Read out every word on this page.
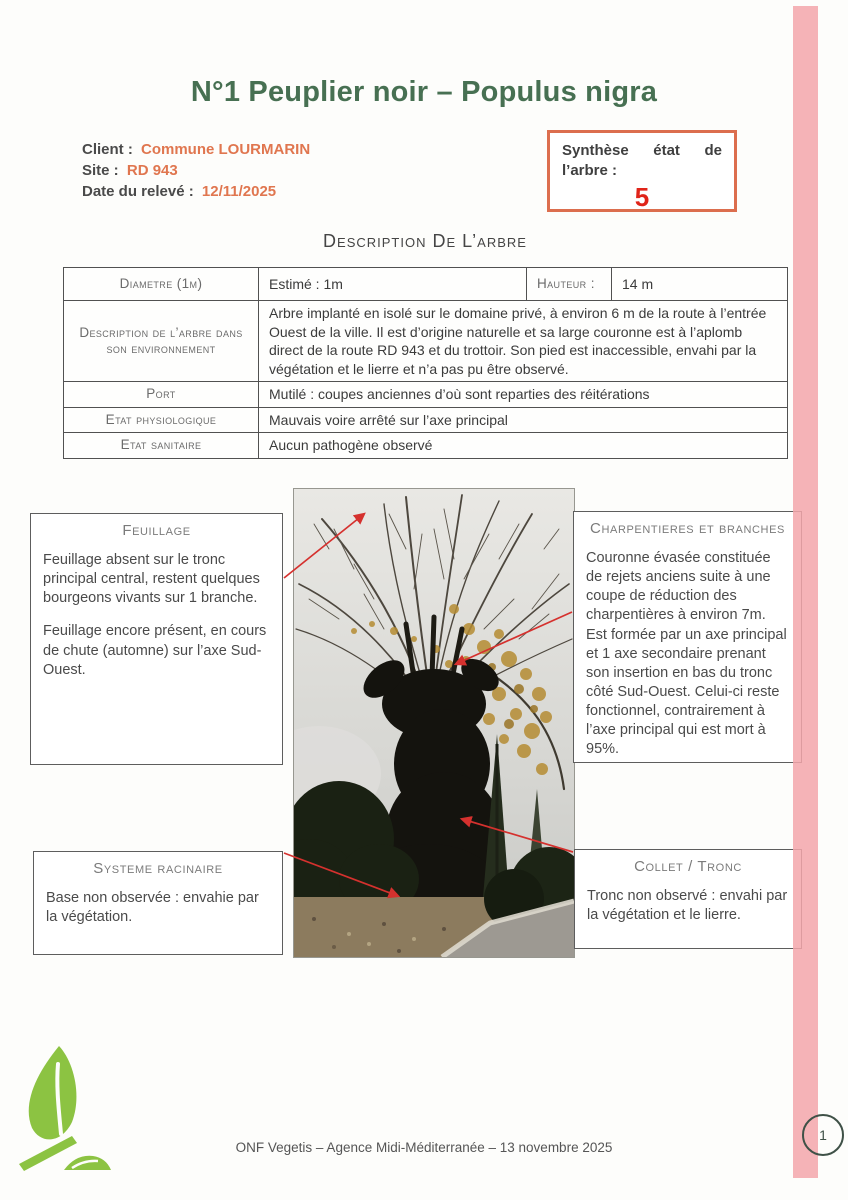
N°1 Peuplier noir – Populus nigra
Client : Commune LOURMARIN
Site : RD 943
Date du relevé : 12/11/2025
Synthèse état de l’arbre :
5
Description De L’arbre
Diametre (1m)	Estimé : 1m	Hauteur :	14 m
Description de l’arbre dans son environnement	Arbre implanté en isolé sur le domaine privé, à environ 6 m de la route à l’entrée Ouest de la ville. Il est d’origine naturelle et sa large couronne est à l’aplomb direct de la route RD 943 et du trottoir. Son pied est inaccessible, envahi par la végétation et le lierre et n’a pas pu être observé.		
Port	Mutilé : coupes anciennes d’où sont reparties des réitérations		
Etat physiologique	Mauvais voire arrêté sur l’axe principal		
Etat sanitaire	Aucun pathogène observé		
Feuillage

Feuillage absent sur le tronc principal central, restent quelques bourgeons vivants sur 1 branche.

Feuillage encore présent, en cours de chute (automne) sur l’axe Sud-Ouest.

Charpentieres et branches

Couronne évasée constituée de rejets anciens suite à une coupe de réduction des charpentières à environ 7m. Est formée par un axe principal et 1 axe secondaire prenant son insertion en bas du tronc côté Sud-Ouest. Celui-ci reste fonctionnel, contrairement à l’axe principal qui est mort à 95%.

Systeme racinaire

Base non observée : envahie par la végétation.

Collet / Tronc

Tronc non observé : envahi par la végétation et le lierre.

1
ONF Vegetis – Agence Midi-Méditerranée – 13 novembre 2025
